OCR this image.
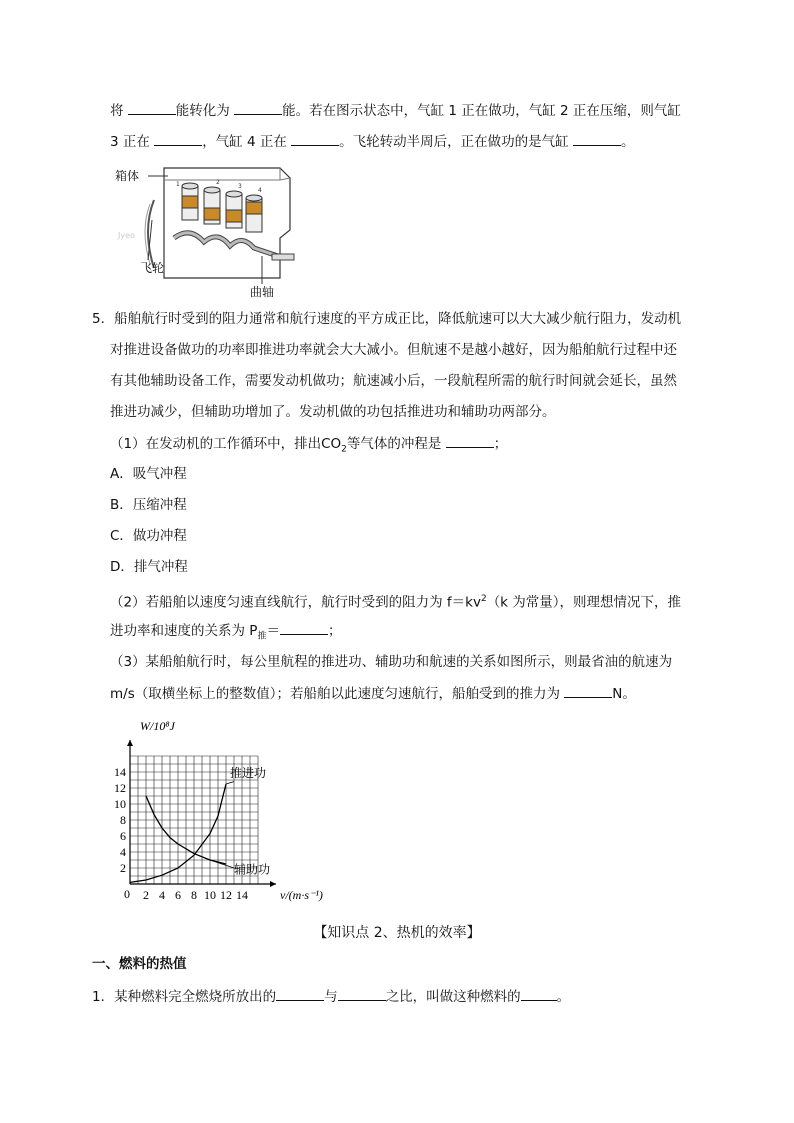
将	能转化为	能。若在图示状态中，气缸 1 正在做功，气缸 2 正在压缩，则气缸
3 正在	，气缸 4 正在	。飞轮转动半周后，正在做功的是气缸	。
1	2
3
4
箱体
飞轮
曲轴
Jyeo
5．船舶航行时受到的阻力通常和航行速度的平方成正比，降低航速可以大大减少航行阻力，发动机
对推进设备做功的功率即推进功率就会大大减小。但航速不是越小越好，因为船舶航行过程中还
有其他辅助设备工作，需要发动机做功；航速减小后，一段航程所需的航行时间就会延长，虽然
推进功减少，但辅助功增加了。发动机做的功包括推进功和辅助功两部分。
（1）在发动机的工作循环中，排出$CO_2$等气体的冲程是	；
A．吸气冲程
B．压缩冲程
C．做功冲程
D．排气冲程
（2）若船舶以速度匀速直线航行，航行时受到的阻力为 $f=kv^2(k$ 为常量），则理想情况下，推
进功率和速度的关系为 $P_推=$	；
（3）某船舶航行时，每公里航程的推进功、辅助功和航速的关系如图所示，则最省油的航速为
m/s（取横坐标上的整数值）；若船舶以此速度匀速航行，船舶受到的推力为	N。
2 4 6 8 10 12 14
2
4
6
8
10
12
14	推进功
辅助功
W/10⁸J
v/(m·s⁻¹)
0
【知识点 2、热机的效率】
一、燃料的热值
1．某种燃料完全燃烧所放出的	与	之比，叫做这种燃料的	。
